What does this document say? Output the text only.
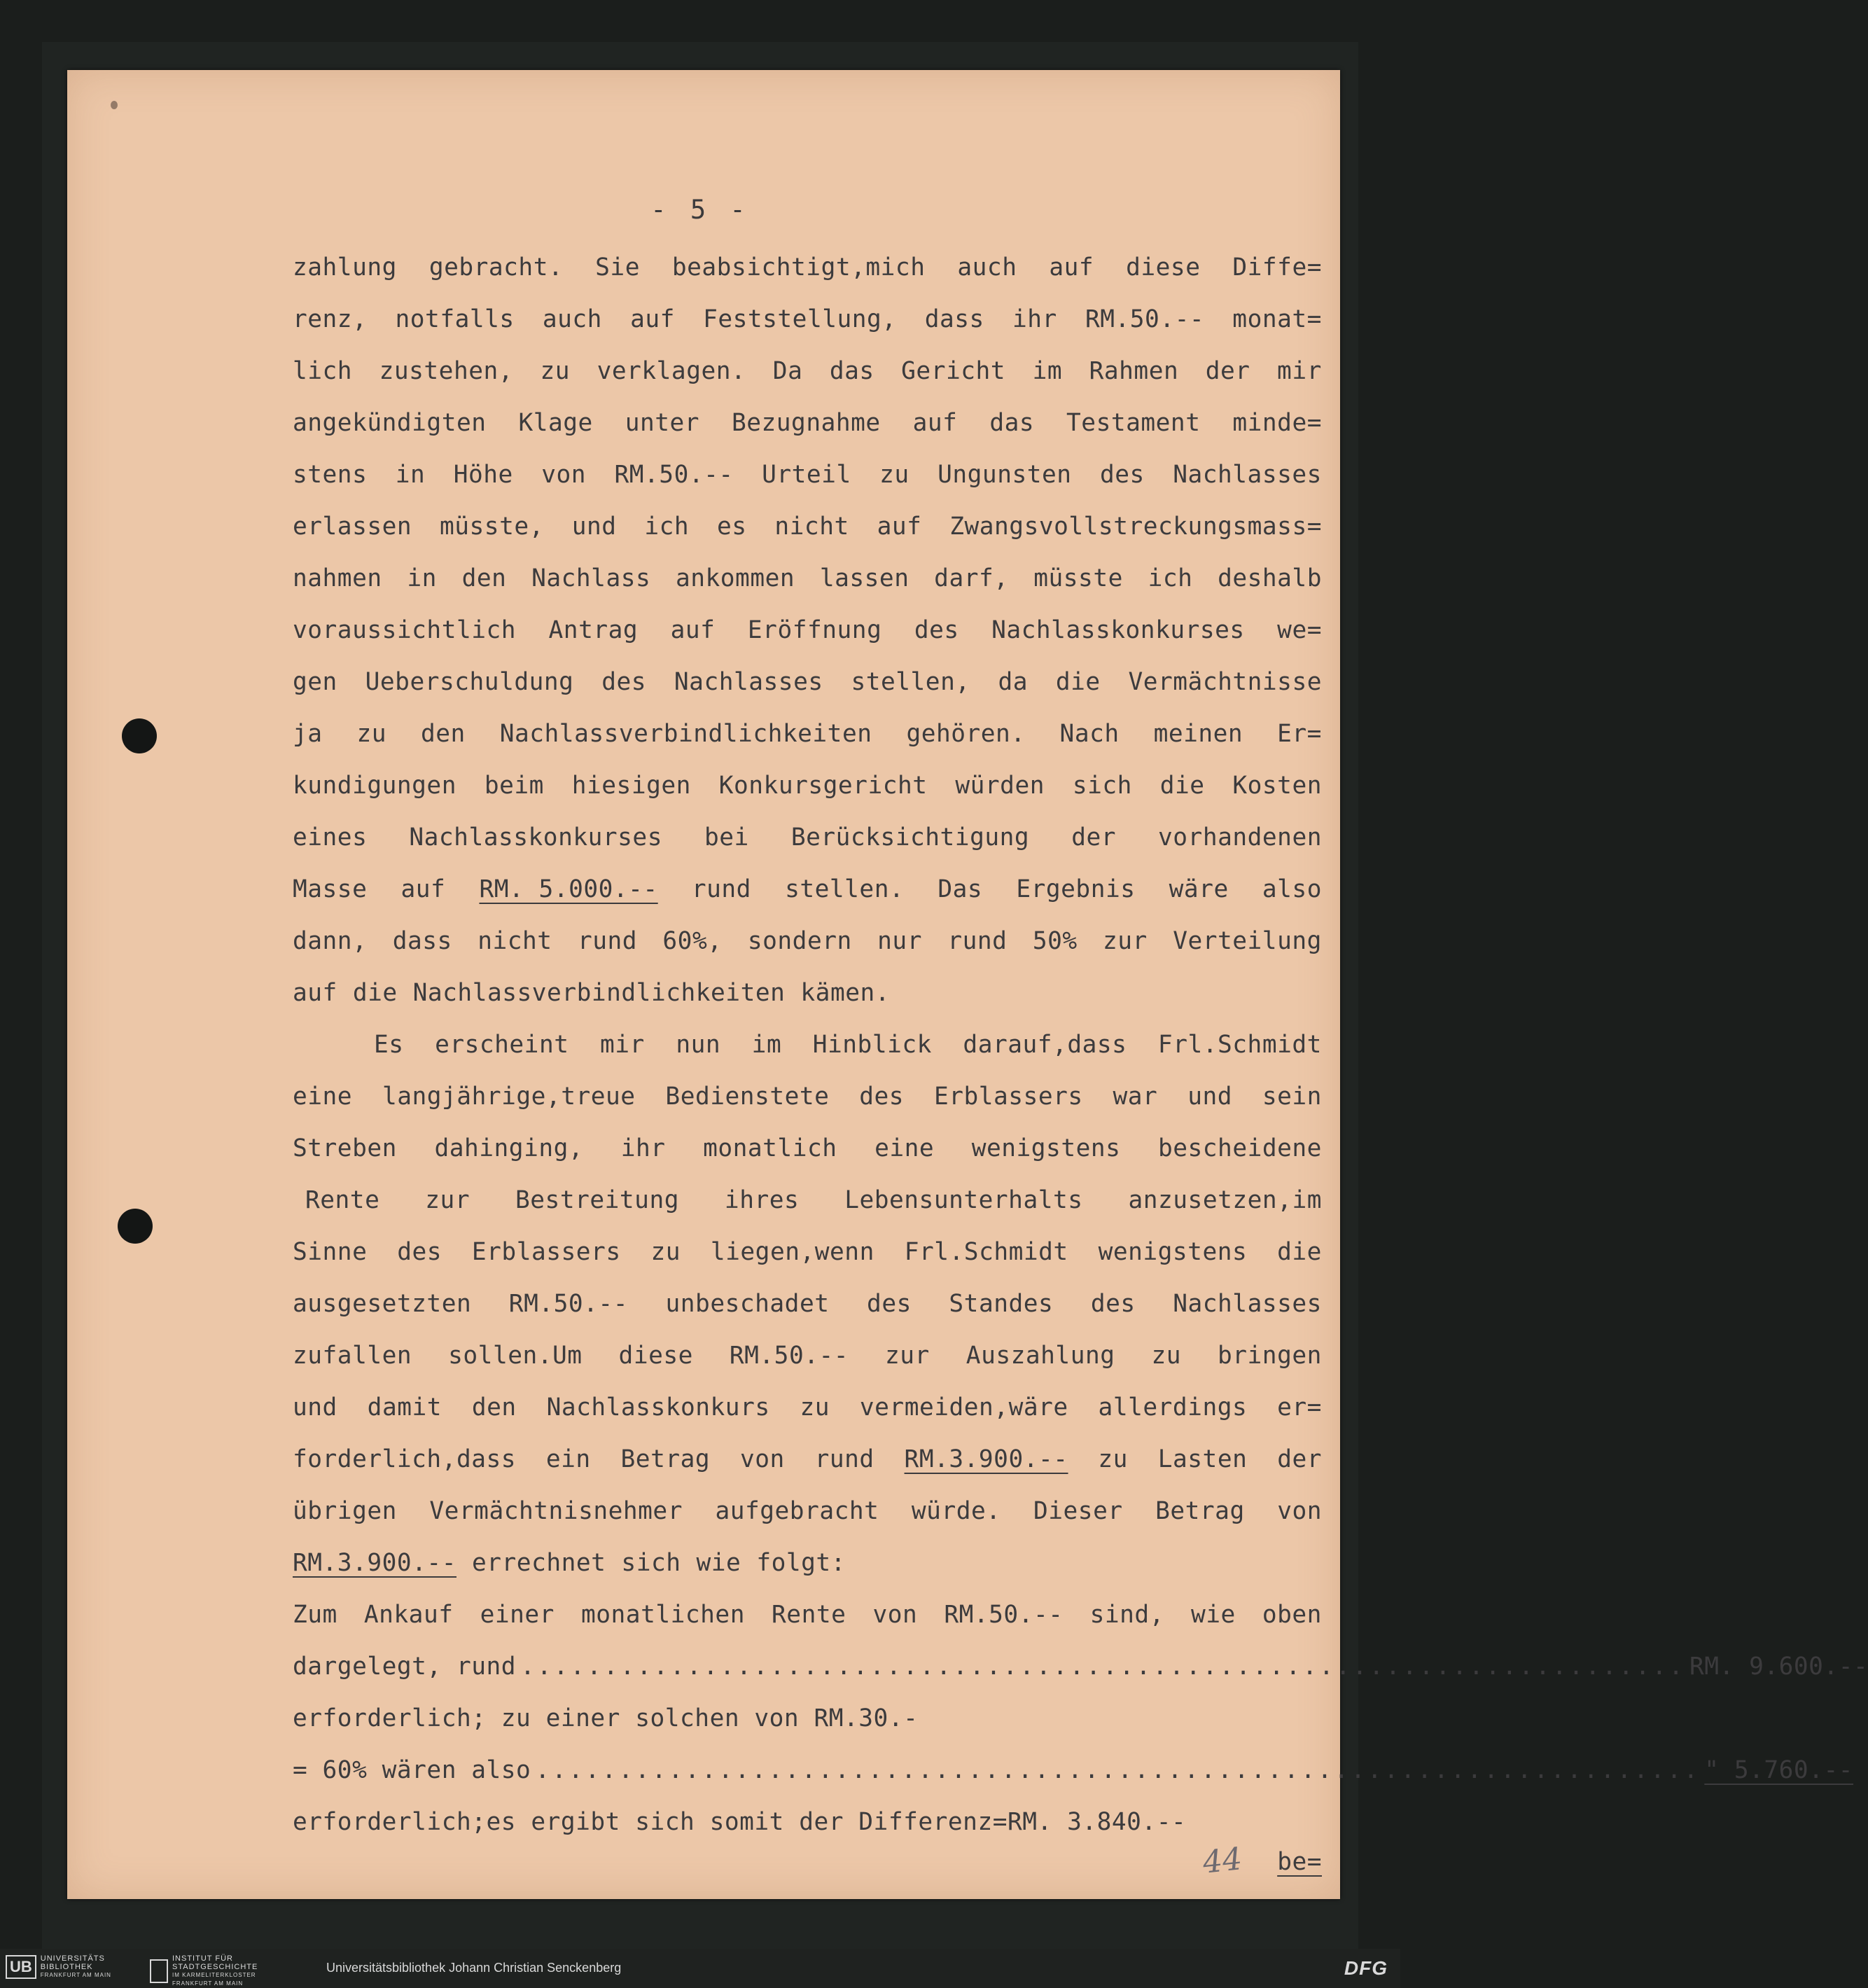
- 5 -
zahlung gebracht. Sie beabsichtigt,mich auch auf diese Diffe=
renz, notfalls auch auf Feststellung, dass ihr RM.50.-- monat=
lich zustehen, zu verklagen. Da das Gericht im Rahmen der mir
angekündigten Klage unter Bezugnahme auf das Testament minde=
stens in Höhe von RM.50.-- Urteil zu Ungunsten des Nachlasses
erlassen müsste, und ich es nicht auf Zwangsvollstreckungsmass=
nahmen in den Nachlass ankommen lassen darf, müsste ich deshalb
voraussichtlich Antrag auf Eröffnung des Nachlasskonkurses we=
gen Ueberschuldung des Nachlasses stellen, da die Vermächtnisse
ja zu den Nachlassverbindlichkeiten gehören. Nach meinen Er=
kundigungen beim hiesigen Konkursgericht würden sich die Kosten
eines Nachlasskonkurses bei Berücksichtigung der vorhandenen
Masse auf RM. 5.000.-- rund stellen. Das Ergebnis wäre also
dann, dass nicht rund 60%, sondern nur rund 50% zur Verteilung
auf die Nachlassverbindlichkeiten kämen.
Es erscheint mir nun im Hinblick darauf,dass Frl.Schmidt
eine langjährige,treue Bedienstete des Erblassers war und sein
Streben dahinging, ihr monatlich eine wenigstens bescheidene
Rente zur Bestreitung ihres Lebensunterhalts anzusetzen,im
Sinne des Erblassers zu liegen,wenn Frl.Schmidt wenigstens die
ausgesetzten RM.50.-- unbeschadet des Standes des Nachlasses
zufallen sollen.Um diese RM.50.-- zur Auszahlung zu bringen
und damit den Nachlasskonkurs zu vermeiden,wäre allerdings er=
forderlich,dass ein Betrag von rund RM.3.900.-- zu Lasten der
übrigen Vermächtnisnehmer aufgebracht würde. Dieser Betrag von
RM.3.900.-- errechnet sich wie folgt:
Zum Ankauf einer monatlichen Rente von RM.50.-- sind, wie oben
dargelegt, rund ...................................................................... RM. 9.600.--
erforderlich; zu einer solchen von RM.30.-
= 60% wären also ...................................................................... " 5.760.--
erforderlich;es ergibt sich somit der Differenz=RM. 3.840.--
be=
44
UB	UNIVERSITÄTS
BIBLIOTHEK
FRANKFURT AM MAIN
INSTITUT FÜR
STADTGESCHICHTE
IM KARMELITERKLOSTER
FRANKFURT AM MAIN
Universitätsbibliothek Johann Christian Senckenberg	DFG
